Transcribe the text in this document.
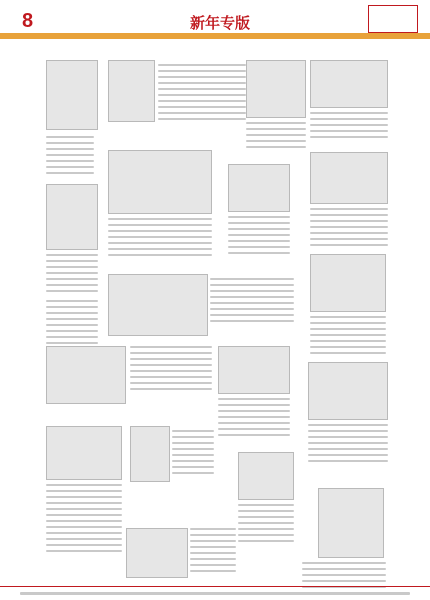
8	新年专版
